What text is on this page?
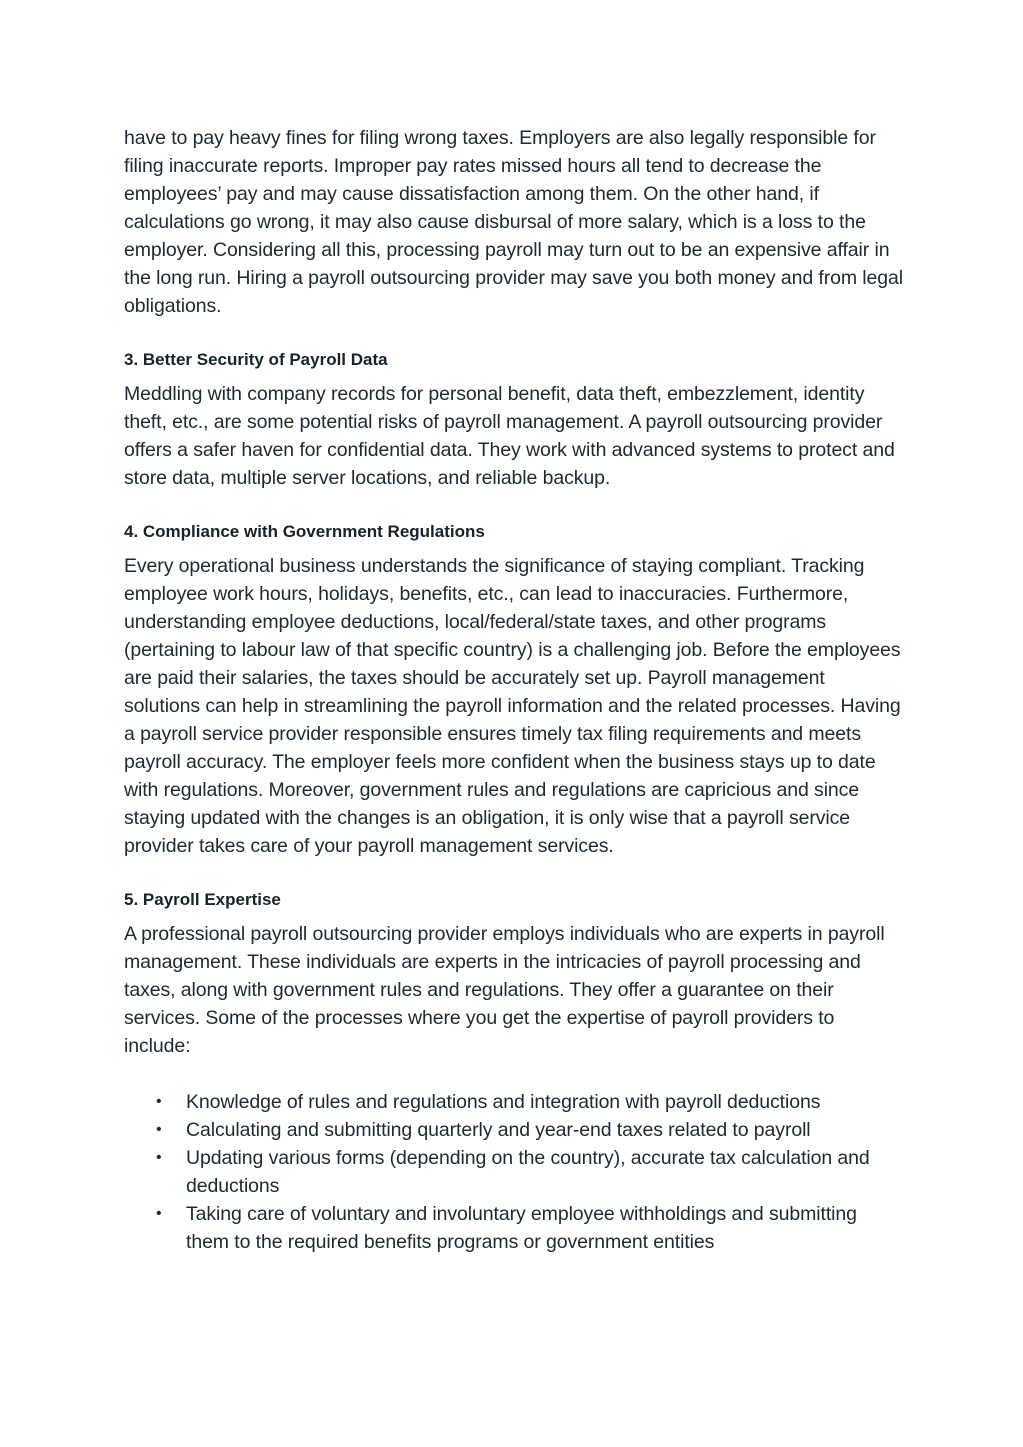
have to pay heavy fines for filing wrong taxes. Employers are also legally responsible for filing inaccurate reports. Improper pay rates missed hours all tend to decrease the employees’ pay and may cause dissatisfaction among them. On the other hand, if calculations go wrong, it may also cause disbursal of more salary, which is a loss to the employer. Considering all this, processing payroll may turn out to be an expensive affair in the long run. Hiring a payroll outsourcing provider may save you both money and from legal obligations.

3. Better Security of Payroll Data

Meddling with company records for personal benefit, data theft, embezzlement, identity theft, etc., are some potential risks of payroll management. A payroll outsourcing provider offers a safer haven for confidential data. They work with advanced systems to protect and store data, multiple server locations, and reliable backup.

4. Compliance with Government Regulations

Every operational business understands the significance of staying compliant. Tracking employee work hours, holidays, benefits, etc., can lead to inaccuracies. Furthermore, understanding employee deductions, local/federal/state taxes, and other programs (pertaining to labour law of that specific country) is a challenging job. Before the employees are paid their salaries, the taxes should be accurately set up. Payroll management solutions can help in streamlining the payroll information and the related processes. Having a payroll service provider responsible ensures timely tax filing requirements and meets payroll accuracy. The employer feels more confident when the business stays up to date with regulations. Moreover, government rules and regulations are capricious and since staying updated with the changes is an obligation, it is only wise that a payroll service provider takes care of your payroll management services.

5. Payroll Expertise

A professional payroll outsourcing provider employs individuals who are experts in payroll management. These individuals are experts in the intricacies of payroll processing and taxes, along with government rules and regulations. They offer a guarantee on their services. Some of the processes where you get the expertise of payroll providers to include:

• Knowledge of rules and regulations and integration with payroll deductions
• Calculating and submitting quarterly and year-end taxes related to payroll
• Updating various forms (depending on the country), accurate tax calculation and deductions
• Taking care of voluntary and involuntary employee withholdings and submitting them to the required benefits programs or government entities
